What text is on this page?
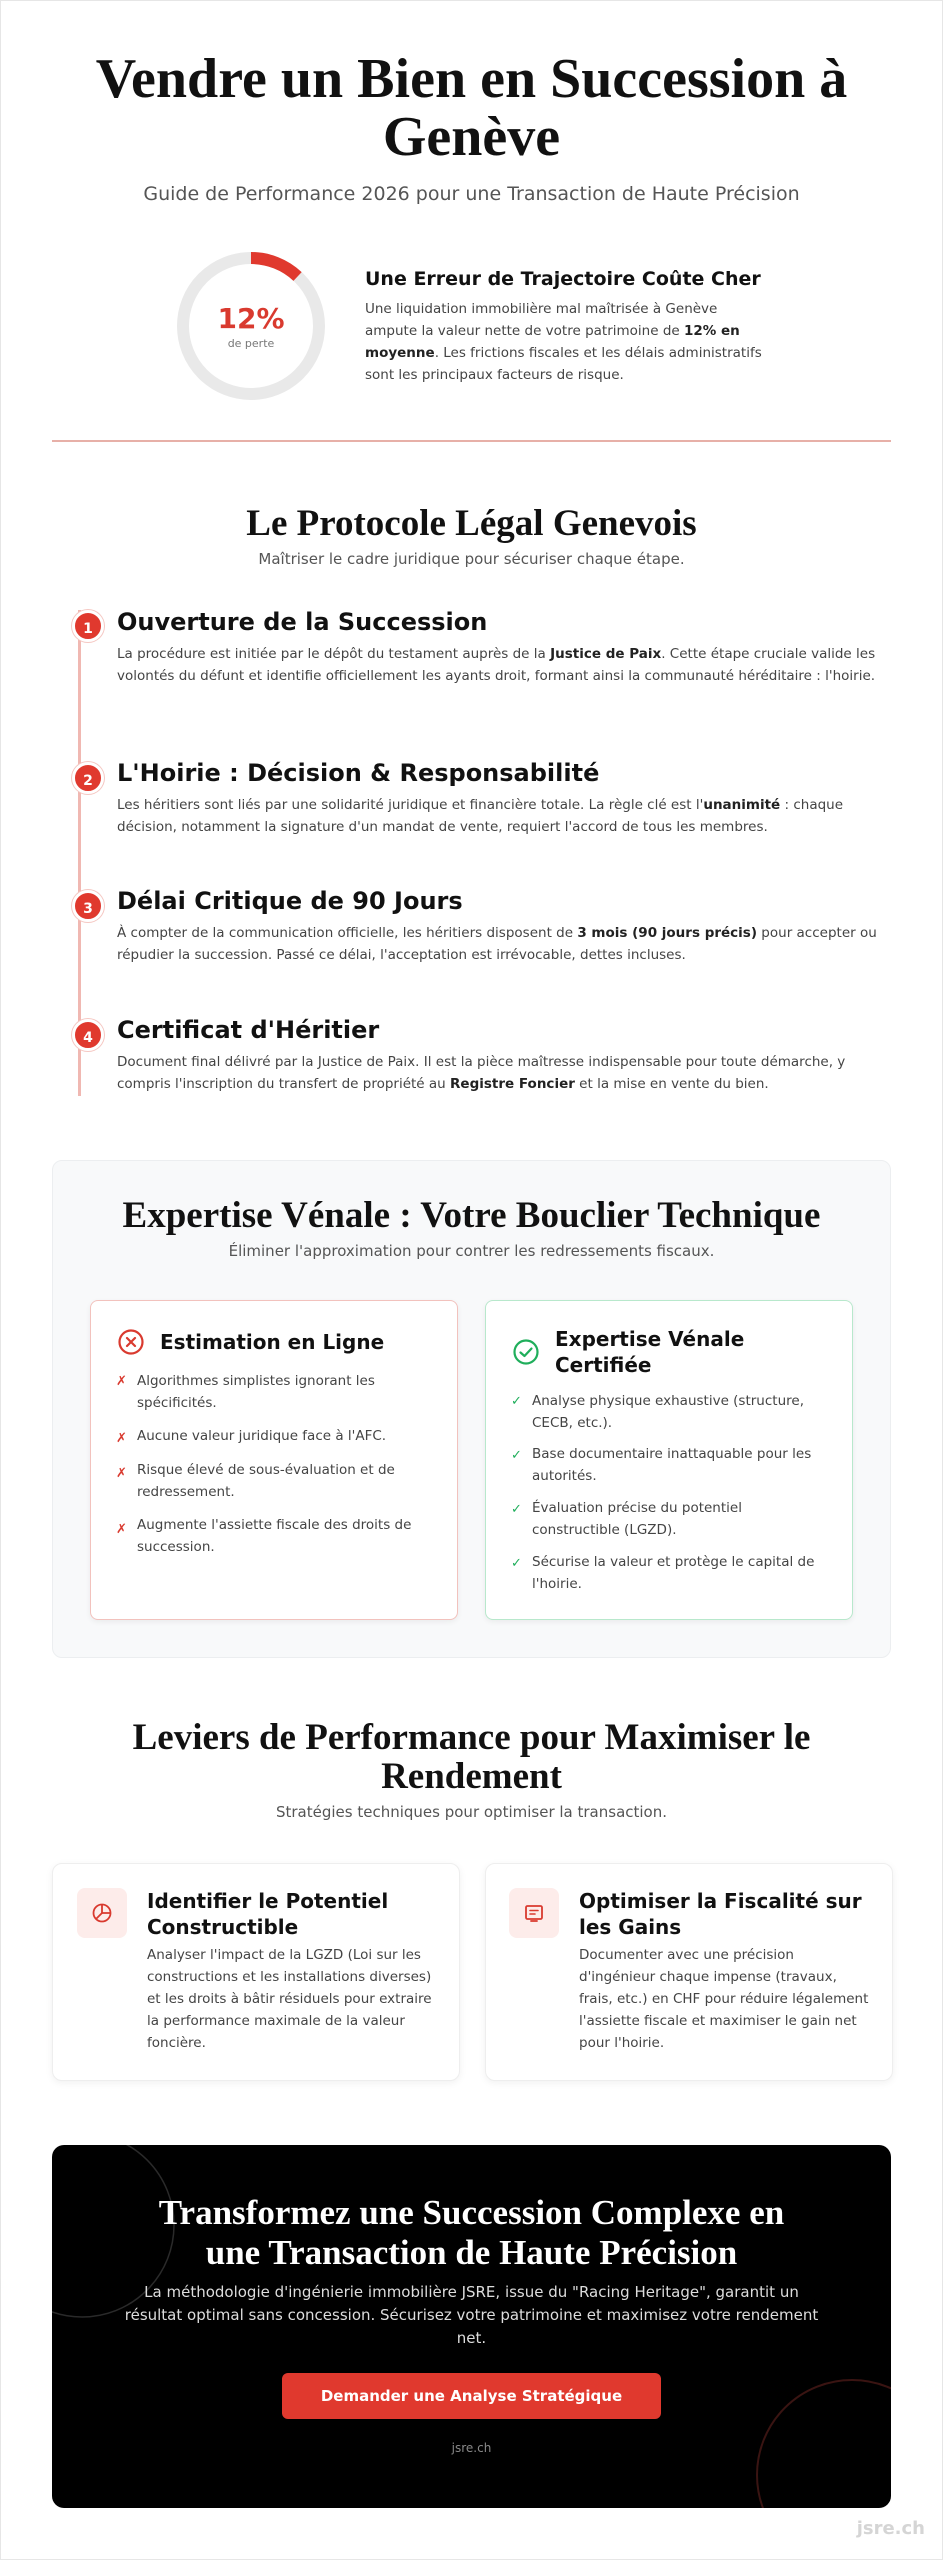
Vendre un Bien en Succession à
Genève
Guide de Performance 2026 pour une Transaction de Haute Précision
12%
de perte
Une Erreur de Trajectoire Coûte Cher

Une liquidation immobilière mal maîtrisée à Genève ampute la valeur nette de votre patrimoine de 12% en moyenne. Les frictions fiscales et les délais administratifs sont les principaux facteurs de risque.

Le Protocole Légal Genevois
Maîtriser le cadre juridique pour sécuriser chaque étape.
1	Ouverture de la Succession

La procédure est initiée par le dépôt du testament auprès de la Justice de Paix. Cette étape cruciale valide les volontés du défunt et identifie officiellement les ayants droit, formant ainsi la communauté héréditaire : l'hoirie.

2	L'Hoirie : Décision & Responsabilité

Les héritiers sont liés par une solidarité juridique et financière totale. La règle clé est l'unanimité : chaque décision, notamment la signature d'un mandat de vente, requiert l'accord de tous les membres.

3	Délai Critique de 90 Jours

À compter de la communication officielle, les héritiers disposent de 3 mois (90 jours précis) pour accepter ou répudier la succession. Passé ce délai, l'acceptation est irrévocable, dettes incluses.

4	Certificat d'Héritier

Document final délivré par la Justice de Paix. Il est la pièce maîtresse indispensable pour toute démarche, y compris l'inscription du transfert de propriété au Registre Foncier et la mise en vente du bien.

Expertise Vénale : Votre Bouclier Technique
Éliminer l'approximation pour contrer les redressements fiscaux.
Estimation en Ligne
✗ Algorithmes simplistes ignorant les spécificités.
✗ Aucune valeur juridique face à l'AFC.
✗ Risque élevé de sous-évaluation et de redressement.
✗ Augmente l'assiette fiscale des droits de succession.
Expertise Vénale
Certifiée
✓ Analyse physique exhaustive (structure, CECB, etc.).
✓ Base documentaire inattaquable pour les autorités.
✓ Évaluation précise du potentiel constructible (LGZD).
✓ Sécurise la valeur et protège le capital de l'hoirie.
Leviers de Performance pour Maximiser le
Rendement
Stratégies techniques pour optimiser la transaction.
Identifier le Potentiel Constructible
Analyser l'impact de la LGZD (Loi sur les constructions et les installations diverses) et les droits à bâtir résiduels pour extraire la performance maximale de la valeur foncière.
Optimiser la Fiscalité sur les Gains
Documenter avec une précision d'ingénieur chaque impense (travaux, frais, etc.) en CHF pour réduire légalement l'assiette fiscale et maximiser le gain net pour l'hoirie.
Transformez une Succession Complexe en
une Transaction de Haute Précision

La méthodologie d'ingénierie immobilière JSRE, issue du "Racing Heritage", garantit un résultat optimal sans concession. Sécurisez votre patrimoine et maximisez votre rendement net.

Demander une Analyse Stratégique
jsre.ch
jsre.ch
